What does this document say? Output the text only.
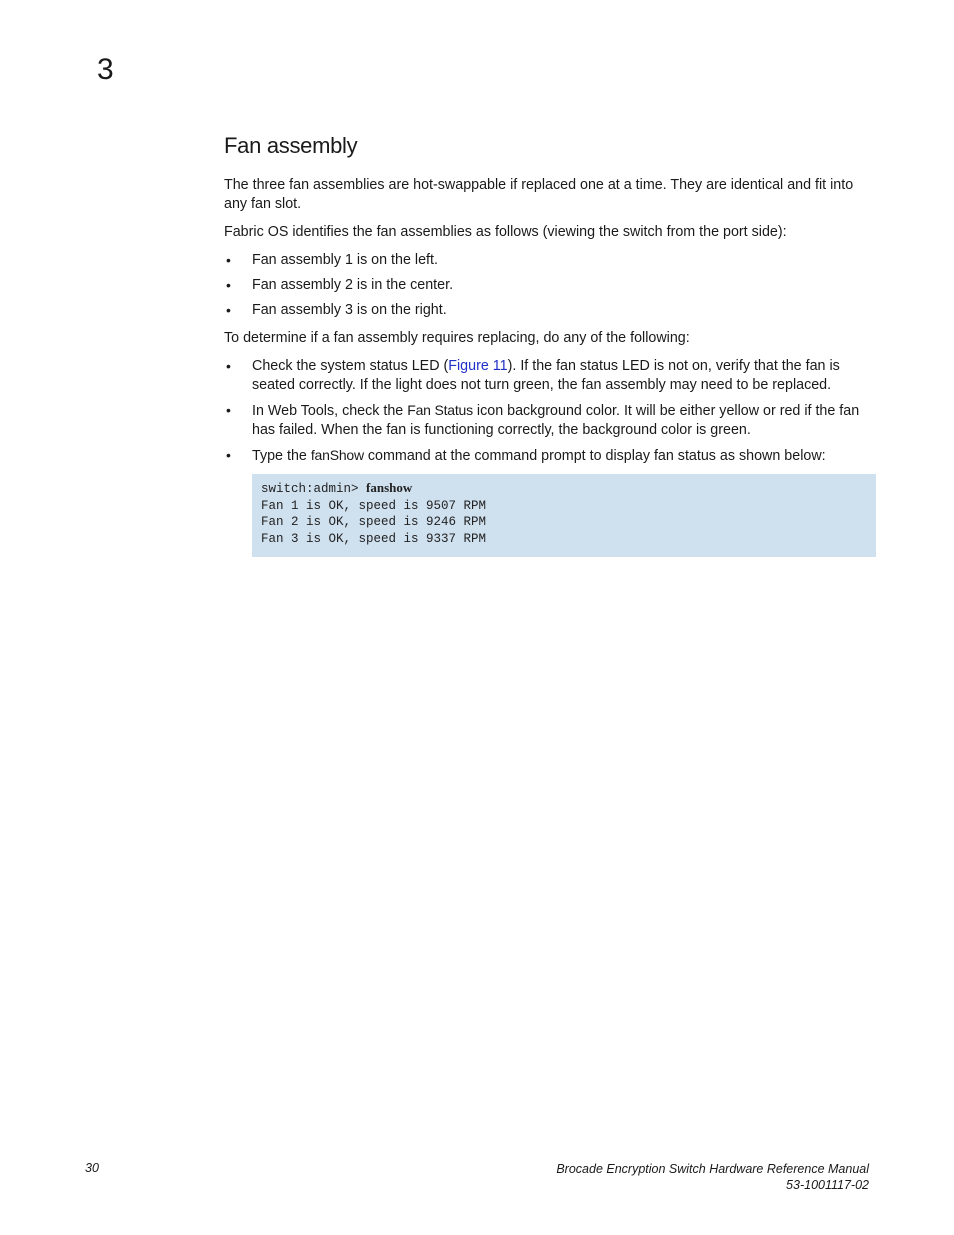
3
Fan assembly

The three fan assemblies are hot-swappable if replaced one at a time. They are identical and fit into any fan slot.

Fabric OS identifies the fan assemblies as follows (viewing the switch from the port side):

• Fan assembly 1 is on the left.
• Fan assembly 2 is in the center.
• Fan assembly 3 is on the right.

To determine if a fan assembly requires replacing, do any of the following:

• Check the system status LED (Figure 11). If the fan status LED is not on, verify that the fan is seated correctly. If the light does not turn green, the fan assembly may need to be replaced.
• In Web Tools, check the Fan Status icon background color. It will be either yellow or red if the fan has failed. When the fan is functioning correctly, the background color is green.
• Type the fanShow command at the command prompt to display fan status as shown below:
switch:admin> fanshow
Fan 1 is OK, speed is 9507 RPM
Fan 2 is OK, speed is 9246 RPM
Fan 3 is OK, speed is 9337 RPM
30	Brocade Encryption Switch Hardware Reference Manual
53-1001117-02
